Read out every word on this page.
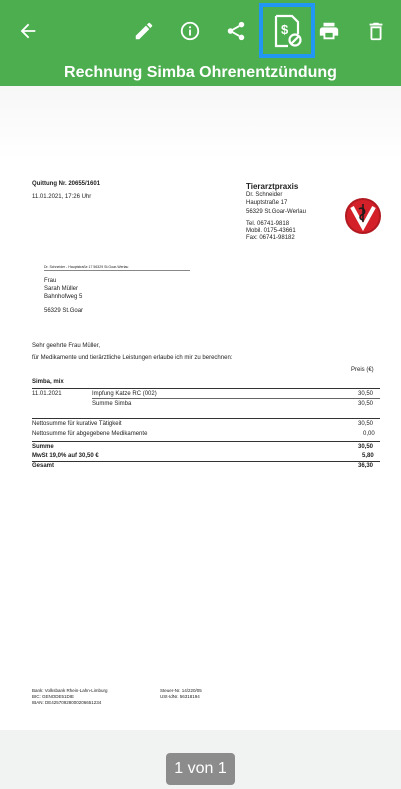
$
Rechnung Simba Ohrenentzündung
Quittung Nr. 20655/1601
11.01.2021, 17:26 Uhr
Tierarztpraxis
Dr. Schneider
Hauptstraße 17
56329 St.Goar-Werlau
Tel. 06741-9818
Mobil. 0175-43661
Fax: 06741-98182
Dr. Schneider - Hauptstraße 17 56329 St.Goar-Werlau
Frau
Sarah Müller
Bahnhofweg 5
56329 St.Goar
Sehr geehrte Frau Müller,
für Medikamente und tierärztliche Leistungen erlaube ich mir zu berechnen:
Preis (€)
Simba, mix
11.01.2021	Impfung Katze RC (002)	30,50
Summe Simba	30,50
Nettosumme für kurative Tätigkeit	30,50
Nettosumme für abgegebene Medikamente	0,00
Summe	30,50
MwSt 19,0% auf 30,50 €	5,80
Gesamt	36,30
Bank: Volksbank Rhein-Lahn-Limburg
BIC: GENODE51DIE
IBAN: DE42570928000206651234
Steuer-Nr. 14/220/05
USt-IdNr. 56318194
1 von 1
